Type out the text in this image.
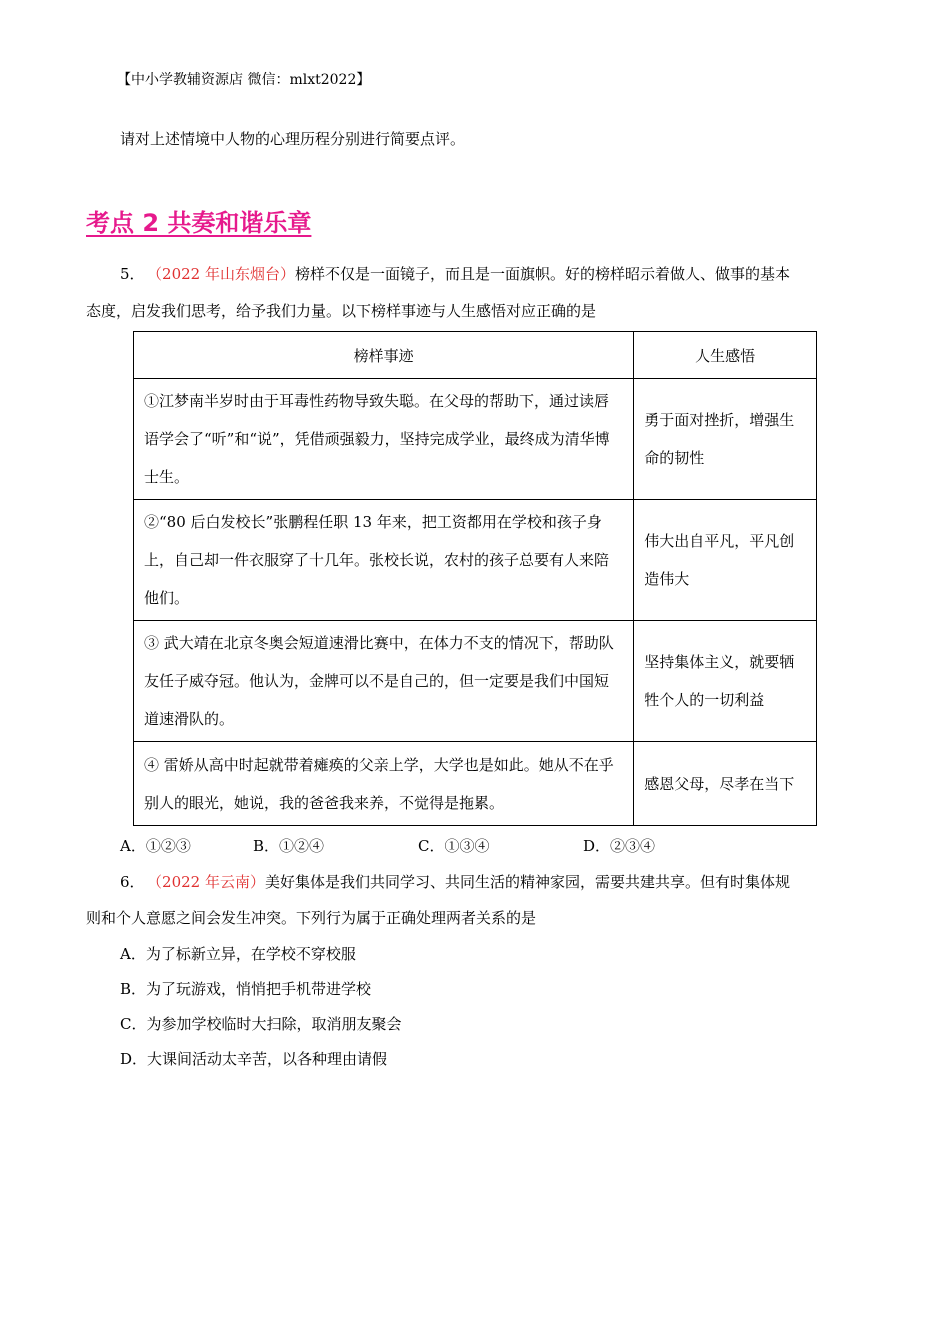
【中小学教辅资源店 微信：mlxt2022】
请对上述情境中人物的心理历程分别进行简要点评。
考点 2 共奏和谐乐章
5． （2022 年山东烟台）榜样不仅是一面镜子，而且是一面旗帜。好的榜样昭示着做人、做事的基本
态度，启发我们思考，给予我们力量。以下榜样事迹与人生感悟对应正确的是
榜样事迹	人生感悟

①江梦南半岁时由于耳毒性药物导致失聪。在父母的帮助下，通过读唇语学会了“听”和“说”，凭借顽强毅力，坚持完成学业，最终成为清华博士生。	勇于面对挫折，增强生命的韧性

②“80 后白发校长”张鹏程任职 13 年来，把工资都用在学校和孩子身上，自己却一件衣服穿了十几年。张校长说，农村的孩子总要有人来陪他们。	伟大出自平凡，平凡创造伟大

③ 武大靖在北京冬奥会短道速滑比赛中，在体力不支的情况下，帮助队友任子威夺冠。他认为，金牌可以不是自己的，但一定要是我们中国短道速滑队的。	坚持集体主义，就要牺牲个人的一切利益

④ 雷娇从高中时起就带着瘫痪的父亲上学，大学也是如此。她从不在乎别人的眼光，她说，我的爸爸我来养，不觉得是拖累。	感恩父母，尽孝在当下
A．①②③	B．①②④	C．①③④	D．②③④
6． （2022 年云南）美好集体是我们共同学习、共同生活的精神家园，需要共建共享。但有时集体规
则和个人意愿之间会发生冲突。下列行为属于正确处理两者关系的是
A．为了标新立异，在学校不穿校服
B．为了玩游戏，悄悄把手机带进学校
C．为参加学校临时大扫除，取消朋友聚会
D．大课间活动太辛苦，以各种理由请假
